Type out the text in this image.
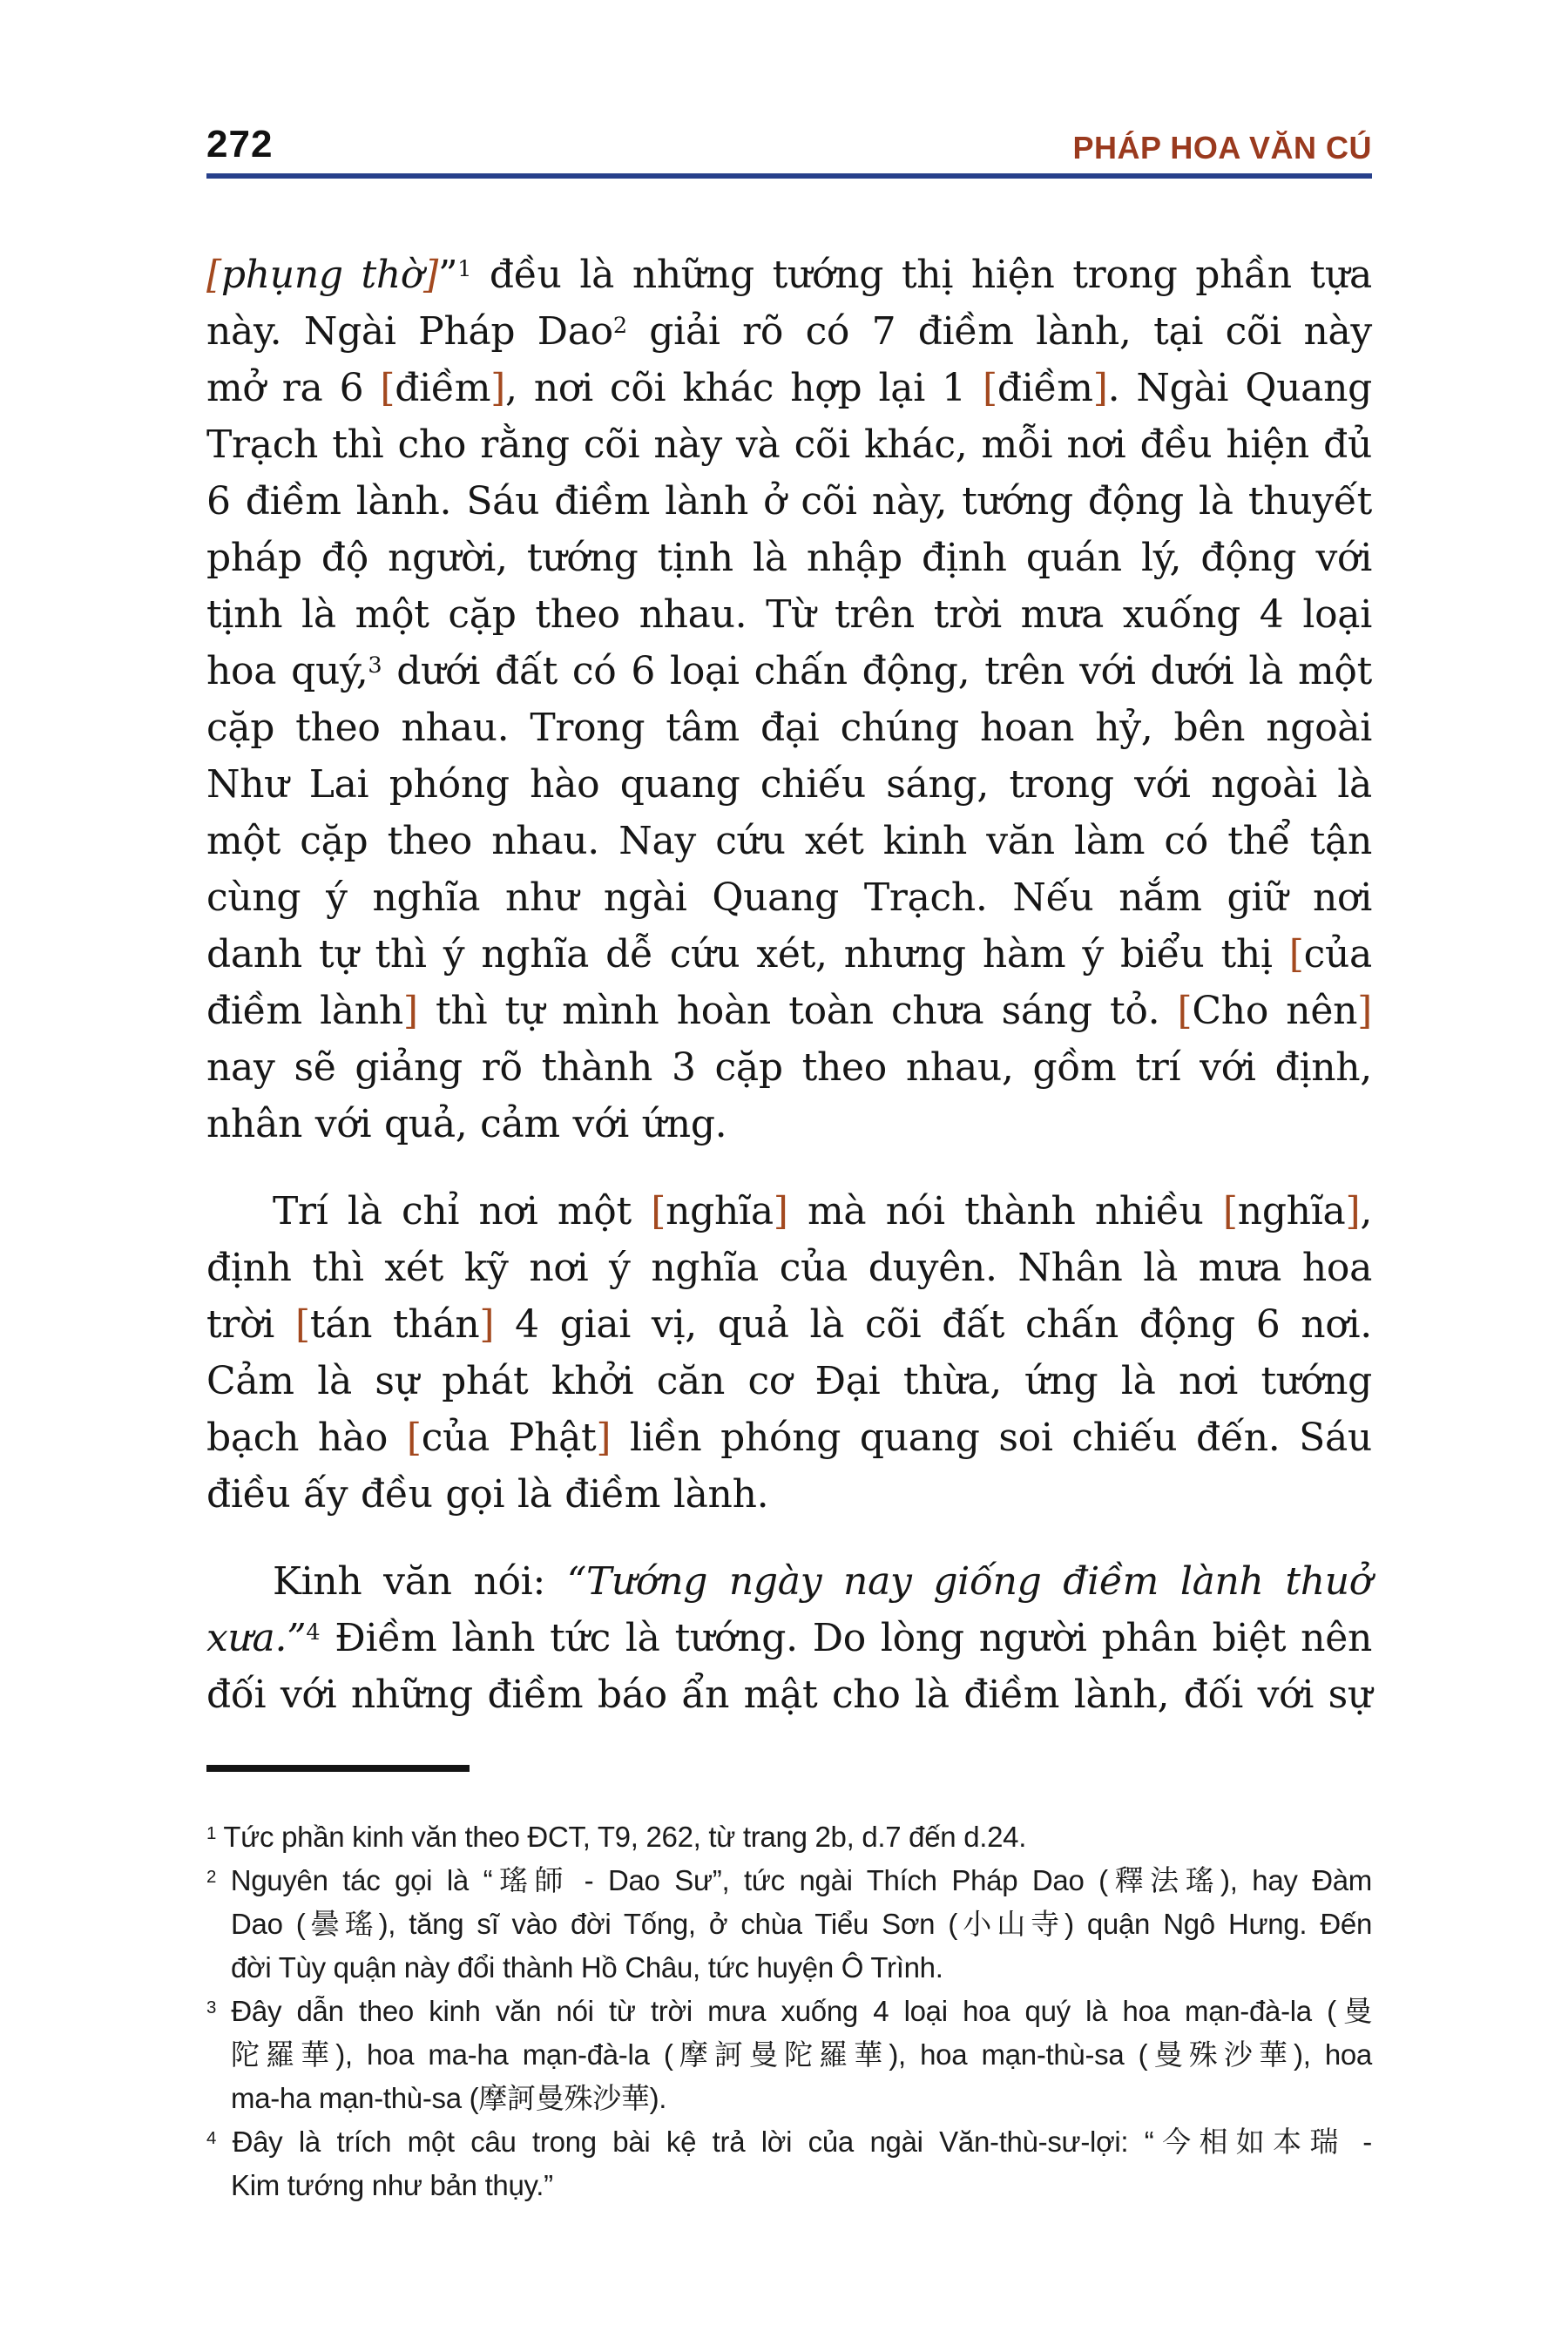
272	PHÁP HOA VĂN CÚ
[phụng thờ]”$^1$ đều là những tướng thị hiện trong phần tựa
này. Ngài Pháp Dao$^2$ giải rõ có 7 điềm lành, tại cõi này
mở ra 6 [điềm], nơi cõi khác hợp lại 1 [điềm]. Ngài Quang
Trạch thì cho rằng cõi này và cõi khác, mỗi nơi đều hiện đủ
6 điềm lành. Sáu điềm lành ở cõi này, tướng động là thuyết
pháp độ người, tướng tịnh là nhập định quán lý, động với
tịnh là một cặp theo nhau. Từ trên trời mưa xuống 4 loại
hoa quý,$^3$ dưới đất có 6 loại chấn động, trên với dưới là một
cặp theo nhau. Trong tâm đại chúng hoan hỷ, bên ngoài
Như Lai phóng hào quang chiếu sáng, trong với ngoài là
một cặp theo nhau. Nay cứu xét kinh văn làm có thể tận
cùng ý nghĩa như ngài Quang Trạch. Nếu nắm giữ nơi
danh tự thì ý nghĩa dễ cứu xét, nhưng hàm ý biểu thị [của
điềm lành] thì tự mình hoàn toàn chưa sáng tỏ. [Cho nên]
nay sẽ giảng rõ thành 3 cặp theo nhau, gồm trí với định,
nhân với quả, cảm với ứng.
Trí là chỉ nơi một [nghĩa] mà nói thành nhiều [nghĩa],
định thì xét kỹ nơi ý nghĩa của duyên. Nhân là mưa hoa
trời [tán thán] 4 giai vị, quả là cõi đất chấn động 6 nơi.
Cảm là sự phát khởi căn cơ Đại thừa, ứng là nơi tướng
bạch hào [của Phật] liền phóng quang soi chiếu đến. Sáu
điều ấy đều gọi là điềm lành.
Kinh văn nói: “Tướng ngày nay giống điềm lành thuở
xưa.”$^4$ Điềm lành tức là tướng. Do lòng người phân biệt nên
đối với những điềm báo ẩn mật cho là điềm lành, đối với sự
$^1$ Tức phần kinh văn theo ĐCT, T9, 262, từ trang 2b, d.7 đến d.24.
$^2$ Nguyên tác gọi là “瑤師 - Dao Sư”, tức ngài Thích Pháp Dao (釋法瑤), hay Đàm
Dao (曇瑤), tăng sĩ vào đời Tống, ở chùa Tiểu Sơn (小山寺) quận Ngô Hưng. Đến
đời Tùy quận này đổi thành Hồ Châu, tức huyện Ô Trình.
$^3$ Đây dẫn theo kinh văn nói từ trời mưa xuống 4 loại hoa quý là hoa mạn-đà-la (曼
陀羅華), hoa ma-ha mạn-đà-la (摩訶曼陀羅華), hoa mạn-thù-sa (曼殊沙華), hoa
ma-ha mạn-thù-sa (摩訶曼殊沙華).
$^4$ Đây là trích một câu trong bài kệ trả lời của ngài Văn-thù-sư-lợi: “今相如本瑞 -
Kim tướng như bản thụy.”
